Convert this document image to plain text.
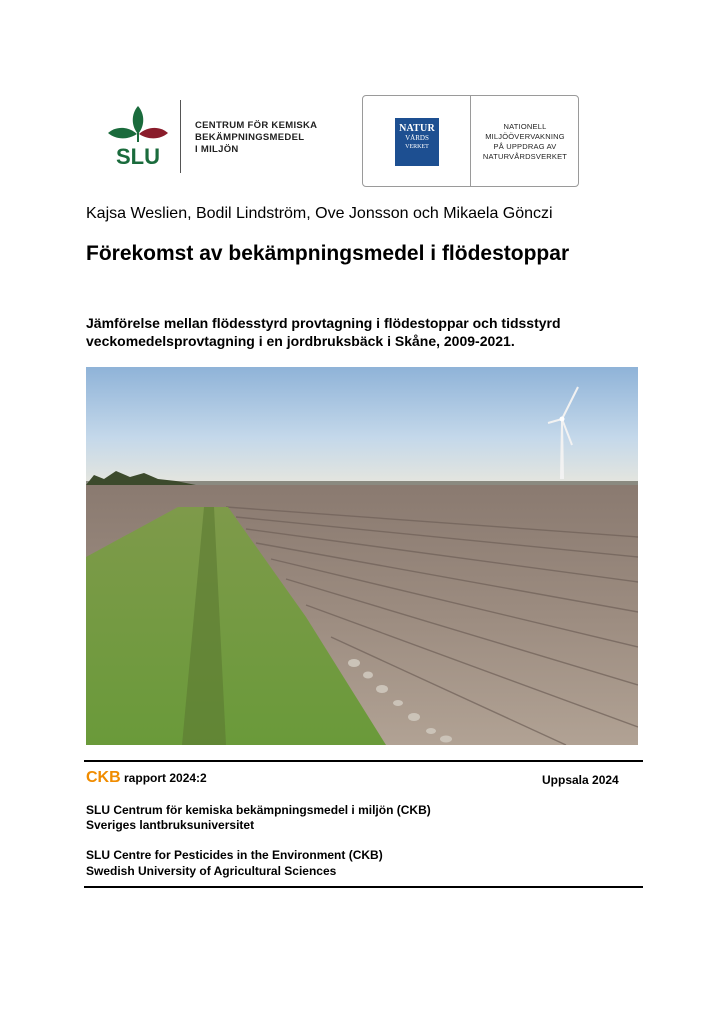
SLU
CENTRUM FÖR KEMISKA
BEKÄMPNINGSMEDEL
I MILJÖN
NATUR
VÅRDS
VERKET
NATIONELL
MILJÖÖVERVAKNING
PÅ UPPDRAG AV
NATURVÅRDSVERKET
Kajsa Weslien, Bodil Lindström, Ove Jonsson och Mikaela Gönczi
Förekomst av bekämpningsmedel i flödestoppar
Jämförelse mellan flödesstyrd provtagning i flödestoppar och tidsstyrd veckomedelsprovtagning i en jordbruksbäck i Skåne, 2009-2021.
CKB rapport 2024:2	Uppsala 2024
SLU Centrum för kemiska bekämpningsmedel i miljön (CKB)
Sveriges lantbruksuniversitet
SLU Centre for Pesticides in the Environment (CKB)
Swedish University of Agricultural Sciences
